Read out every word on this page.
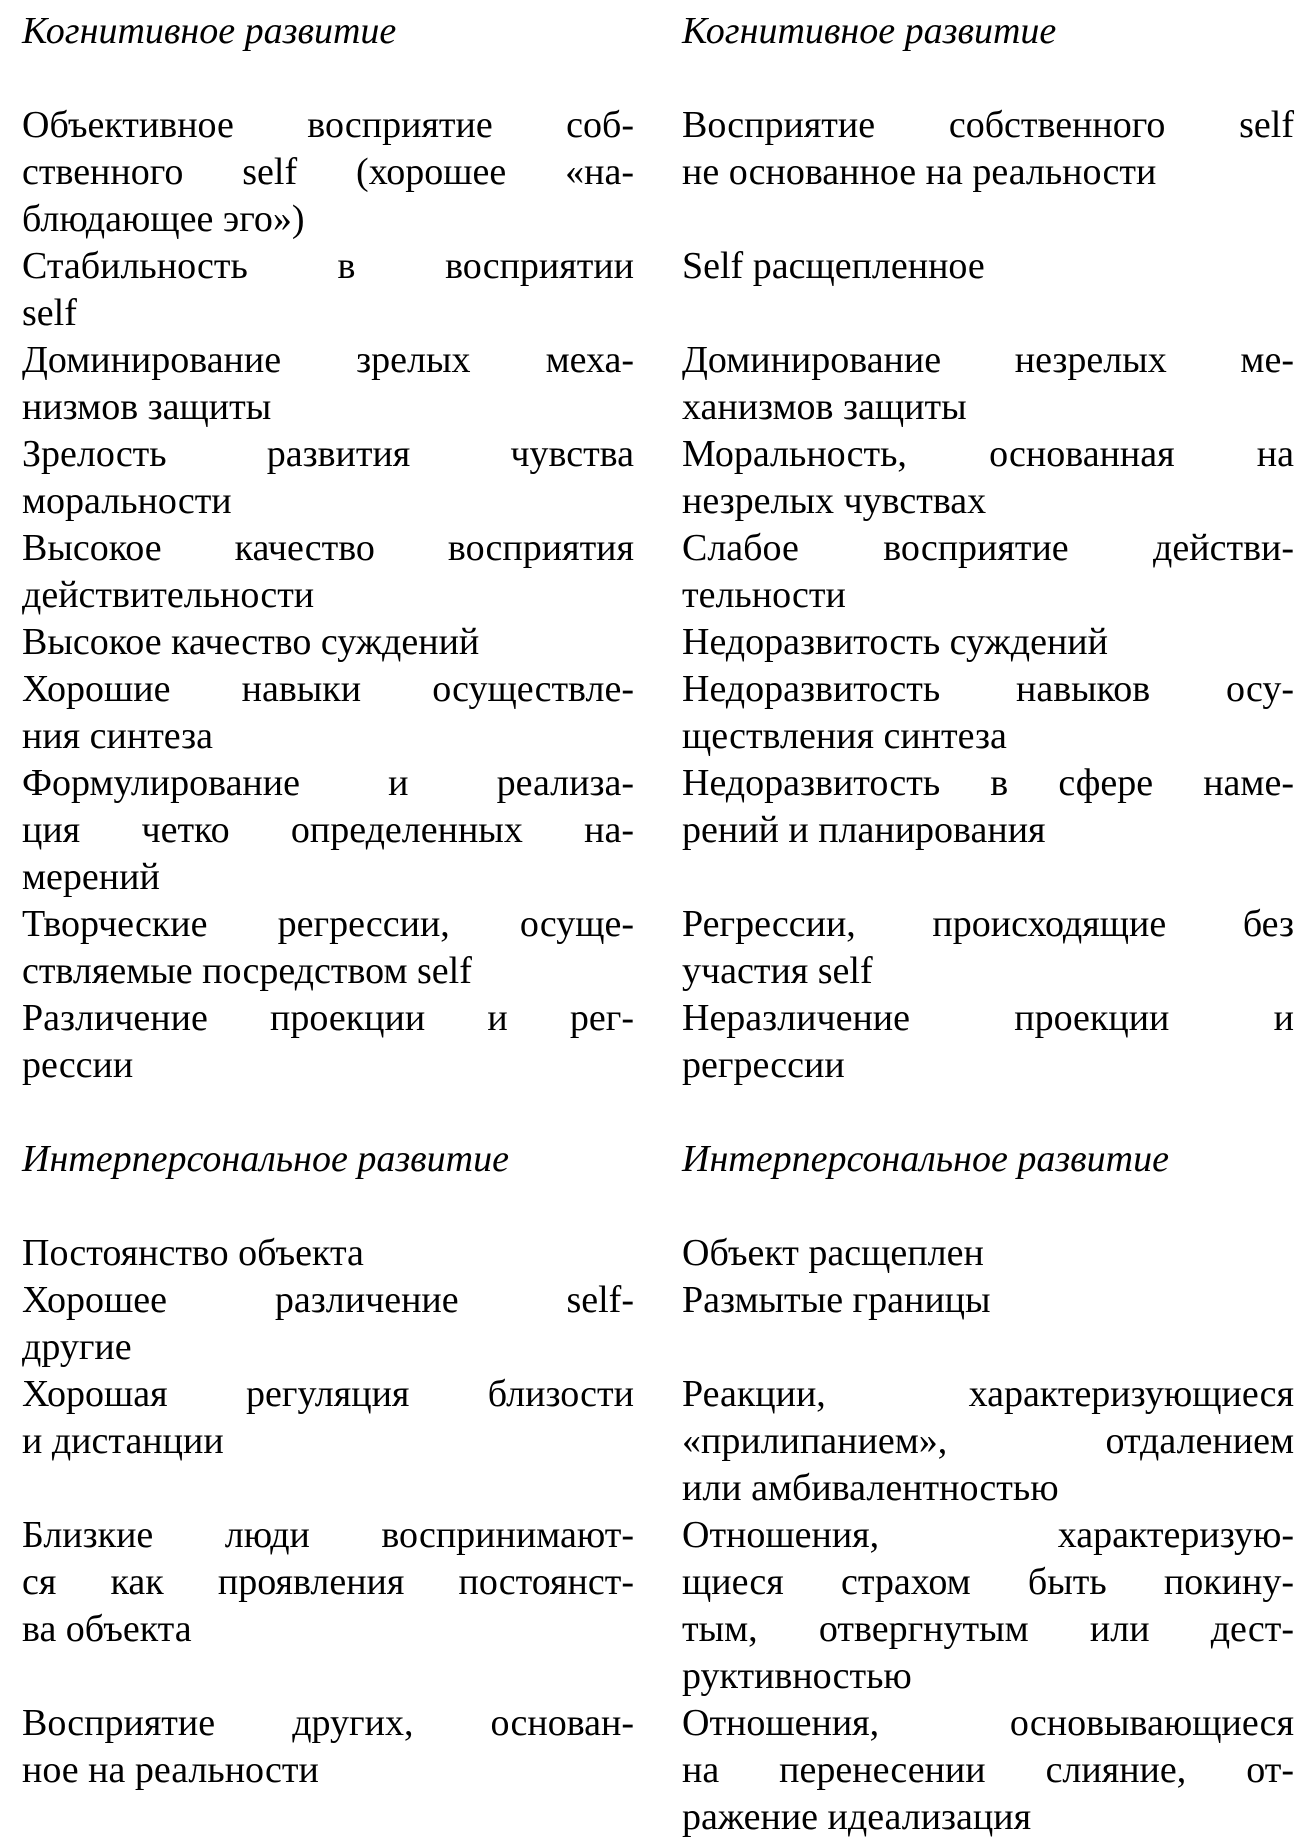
Когнитивное развитие
Объективное восприятие соб-
ственного self (хорошее «на-
блюдающее эго»)
Стабильность в восприятии
self
Доминирование зрелых меха-
низмов защиты
Зрелость развития чувства
моральности
Высокое качество восприятия
действительности
Высокое качество суждений
Хорошие навыки осуществле-
ния синтеза
Формулирование и реализа-
ция четко определенных на-
мерений
Творческие регрессии, осуще-
ствляемые посредством self
Различение проекции и рег-
рессии
Интерперсональное развитие
Постоянство объекта
Хорошее различение self-
другие
Хорошая регуляция близости
и дистанции
Близкие люди воспринимают-
ся как проявления постоянст-
ва объекта
Восприятие других, основан-
ное на реальности
Когнитивное развитие
Восприятие собственного self
не основанное на реальности
Self расщепленное
Доминирование незрелых ме-
ханизмов защиты
Моральность, основанная на
незрелых чувствах
Слабое восприятие действи-
тельности
Недоразвитость суждений
Недоразвитость навыков осу-
ществления синтеза
Недоразвитость в сфере наме-
рений и планирования
Регрессии, происходящие без
участия self
Неразличение проекции и
регрессии
Интерперсональное развитие
Объект расщеплен
Размытые границы
Реакции, характеризующиеся
«прилипанием», отдалением
или амбивалентностью
Отношения, характеризую-
щиеся страхом быть покину-
тым, отвергнутым или дест-
руктивностью
Отношения, основывающиеся
на перенесении слияние, от-
ражение идеализация
